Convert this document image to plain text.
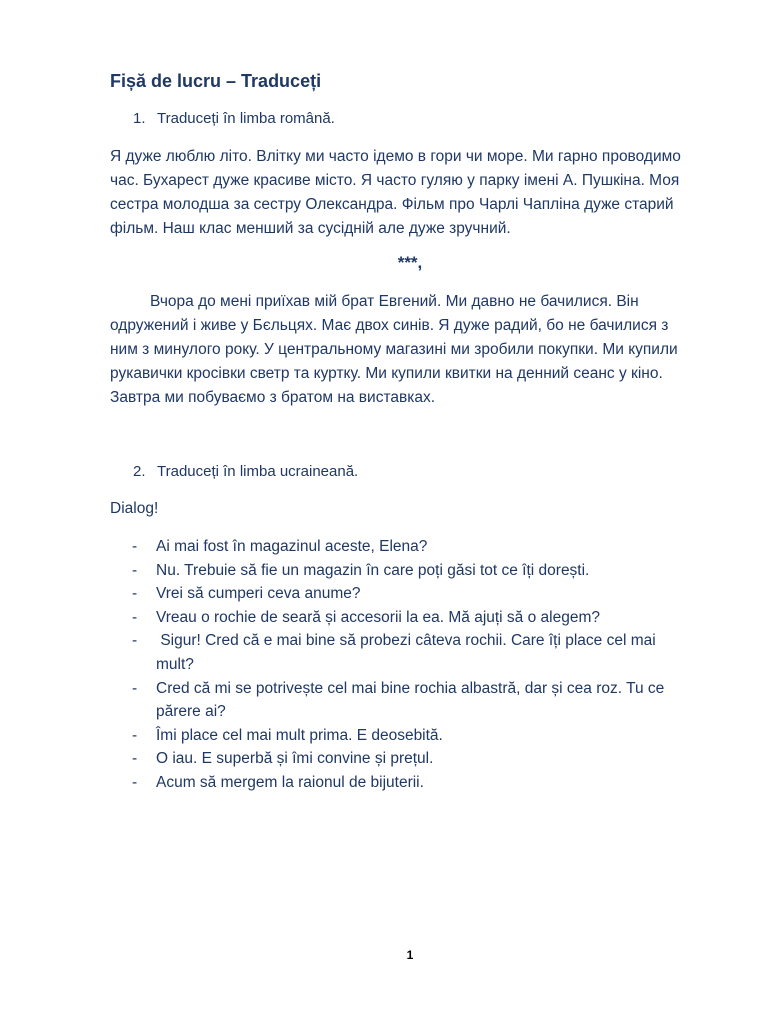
Fișă de lucru – Traduceți
1. Traduceți în limba română.
Я дуже люблю літо. Влітку ми часто ідемо в гори чи море. Ми гарно проводимо час. Бухарест дуже красиве місто. Я часто гуляю у парку імені А. Пушкіна. Моя сестра молодша за сестру Олександра. Фільм про Чарлі Чапліна дуже старий фільм. Наш клас менший за сусідній але дуже зручний.
***,
Вчора до мені приїхав мій брат Евгений. Ми давно не бачилися. Він одружений і живе у Бєльцях. Має двох синів. Я дуже радий, бо не бачилися з ним з минулого року. У центральному магазині ми зробили покупки. Ми купили рукавички кросівки светр та куртку. Ми купили квитки на денний сеанс у кіно. Завтра ми побуваємо з братом на виставках.
2. Traduceți în limba ucraineană.
Dialog!
- Ai mai fost în magazinul aceste, Elena?
- Nu. Trebuie să fie un magazin în care poți găsi tot ce îți dorești.
- Vrei să cumperi ceva anume?
- Vreau o rochie de seară și accesorii la ea. Mă ajuți să o alegem?
- Sigur! Cred că e mai bine să probezi câteva rochii. Care îți place cel mai mult?
- Cred că mi se potrivește cel mai bine rochia albastră, dar și cea roz. Tu ce părere ai?
- Îmi place cel mai mult prima. E deosebită.
- O iau. E superbă și îmi convine și prețul.
- Acum să mergem la raionul de bijuterii.
1
